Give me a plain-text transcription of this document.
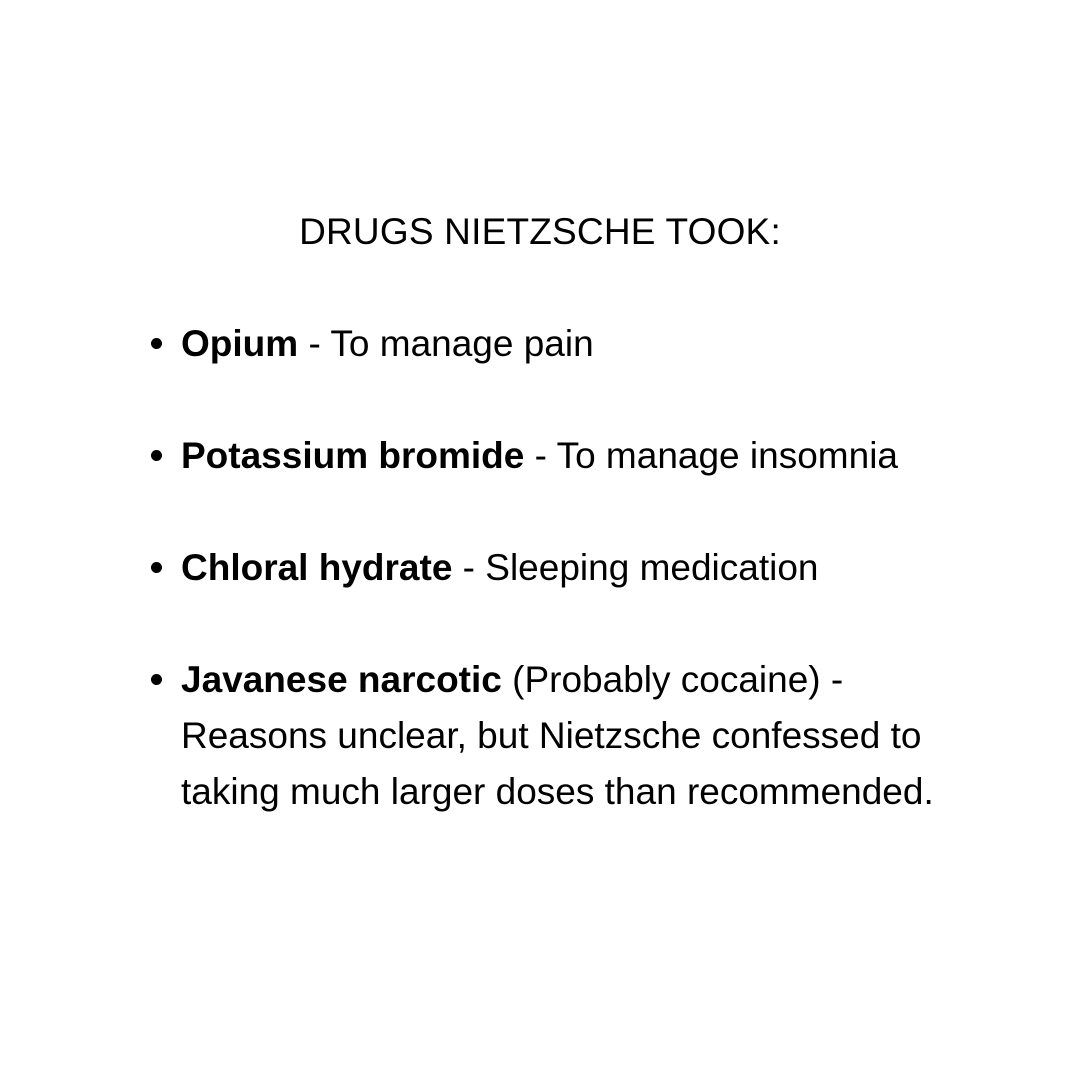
DRUGS NIETZSCHE TOOK:
Opium - To manage pain
Potassium bromide - To manage insomnia
Chloral hydrate - Sleeping medication
Javanese narcotic (Probably cocaine) - Reasons unclear, but Nietzsche confessed to taking much larger doses than recommended.
